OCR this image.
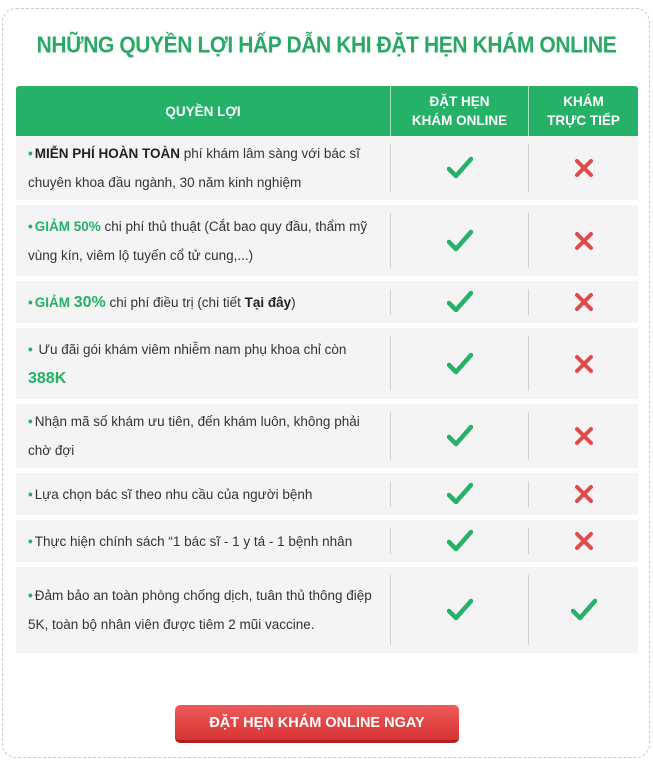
NHỮNG QUYỀN LỢI HẤP DẪN KHI ĐẶT HẸN KHÁM ONLINE
QUYỀN LỢI
ĐẶT HẸN
KHÁM ONLINE
KHÁM
TRỰC TIẾP
• MIỄN PHÍ HOÀN TOÀN phí khám lâm sàng với bác sĩ chuyên khoa đầu ngành, 30 năm kinh nghiệm
• GIẢM 50% chi phí thủ thuật (Cắt bao quy đầu, thẩm mỹ vùng kín, viêm lộ tuyến cổ tử cung,...)
• GIẢM 30% chi phí điều trị (chi tiết Tại đây)
• Ưu đãi gói khám viêm nhiễm nam phụ khoa chỉ còn 388K
• Nhận mã số khám ưu tiên, đến khám luôn, không phải chờ đợi
• Lựa chọn bác sĩ theo nhu cầu của người bệnh
• Thực hiện chính sách “1 bác sĩ - 1 y tá - 1 bệnh nhân
• Đảm bảo an toàn phòng chống dịch, tuân thủ thông điệp 5K, toàn bộ nhân viên được tiêm 2 mũi vaccine.
ĐẶT HẸN KHÁM ONLINE NGAY
